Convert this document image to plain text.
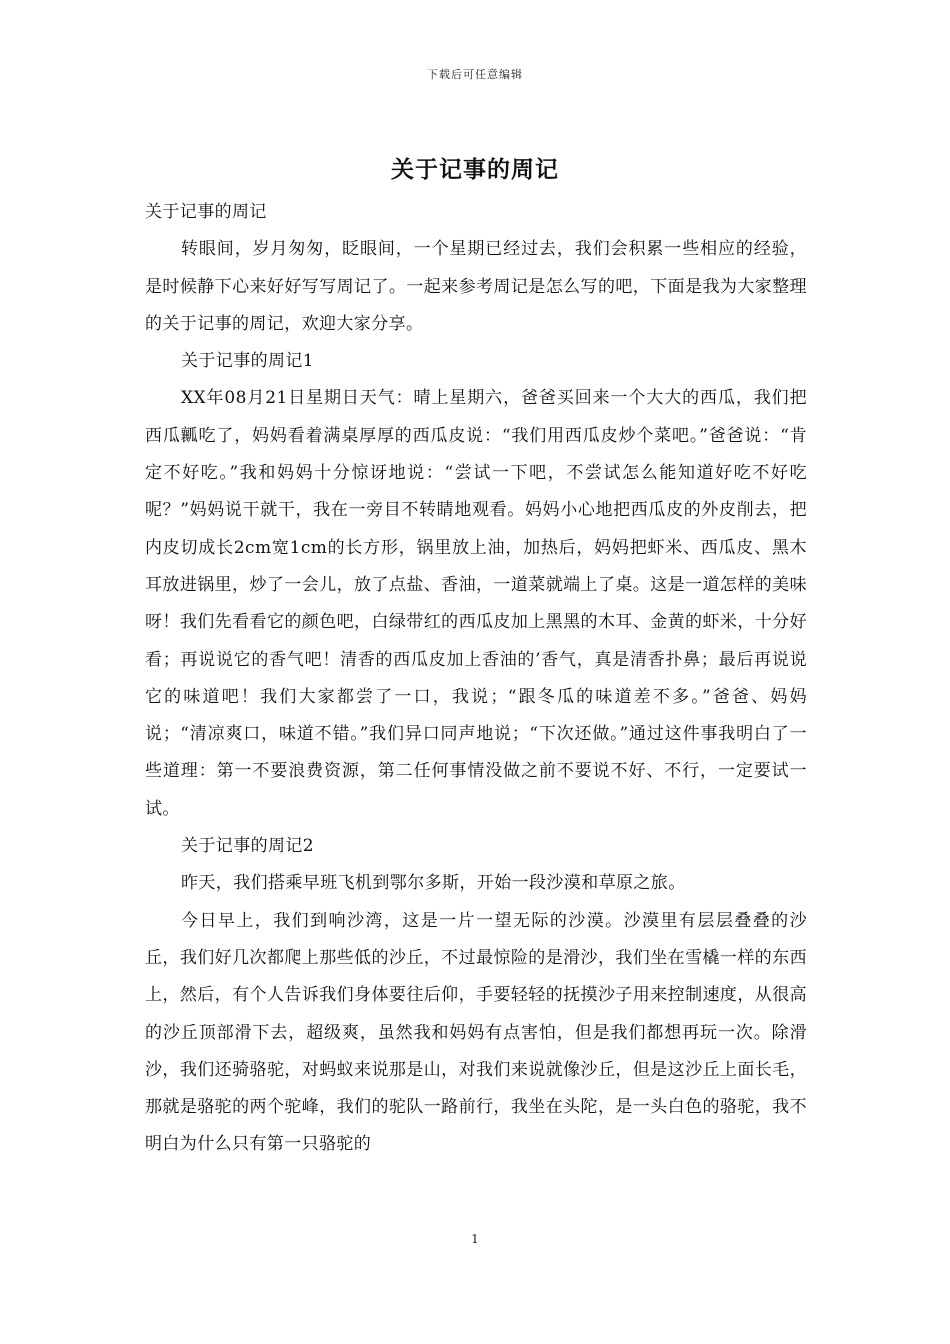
下载后可任意编辑
关于记事的周记

关于记事的周记

转眼间，岁月匆匆，眨眼间，一个星期已经过去，我们会积累一些相应的经验，是时候静下心来好好写写周记了。一起来参考周记是怎么写的吧，下面是我为大家整理的关于记事的周记，欢迎大家分享。

关于记事的周记1

XX年08月21日星期日天气：晴上星期六，爸爸买回来一个大大的西瓜，我们把西瓜瓤吃了，妈妈看着满桌厚厚的西瓜皮说：“我们用西瓜皮炒个菜吧。”爸爸说：“肯定不好吃。”我和妈妈十分惊讶地说：“尝试一下吧，不尝试怎么能知道好吃不好吃呢？”妈妈说干就干，我在一旁目不转睛地观看。妈妈小心地把西瓜皮的外皮削去，把内皮切成长2cm宽1cm的长方形，锅里放上油，加热后，妈妈把虾米、西瓜皮、黑木耳放进锅里，炒了一会儿，放了点盐、香油，一道菜就端上了桌。这是一道怎样的美味呀！我们先看看它的颜色吧，白绿带红的西瓜皮加上黑黑的木耳、金黄的虾米，十分好看；再说说它的香气吧！清香的西瓜皮加上香油的’香气，真是清香扑鼻；最后再说说它的味道吧！我们大家都尝了一口，我说；“跟冬瓜的味道差不多。”爸爸、妈妈说；“清凉爽口，味道不错。”我们异口同声地说；“下次还做。”通过这件事我明白了一些道理：第一不要浪费资源，第二任何事情没做之前不要说不好、不行，一定要试一试。

关于记事的周记2

昨天，我们搭乘早班飞机到鄂尔多斯，开始一段沙漠和草原之旅。

今日早上，我们到响沙湾，这是一片一望无际的沙漠。沙漠里有层层叠叠的沙丘，我们好几次都爬上那些低的沙丘，不过最惊险的是滑沙，我们坐在雪橇一样的东西上，然后，有个人告诉我们身体要往后仰，手要轻轻的抚摸沙子用来控制速度，从很高的沙丘顶部滑下去，超级爽，虽然我和妈妈有点害怕，但是我们都想再玩一次。除滑沙，我们还骑骆驼，对蚂蚁来说那是山，对我们来说就像沙丘，但是这沙丘上面长毛，那就是骆驼的两个驼峰，我们的驼队一路前行，我坐在头陀，是一头白色的骆驼，我不明白为什么只有第一只骆驼的

1
